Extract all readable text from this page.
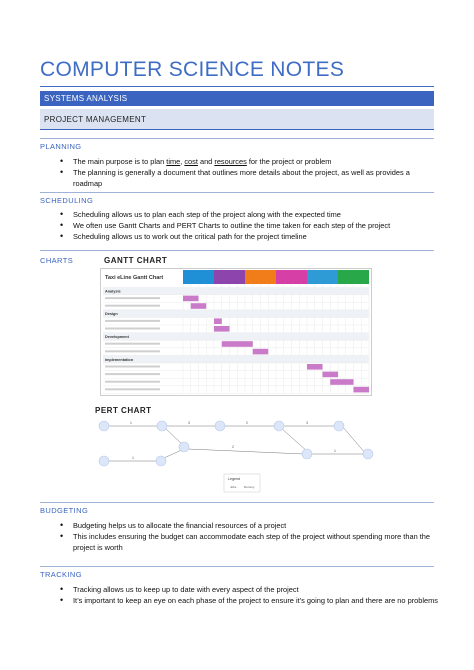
COMPUTER SCIENCE NOTES
SYSTEMS ANALYSIS
PROJECT MANAGEMENT
PLANNING
• The main purpose is to plan time, cost and resources for the project or problem
• The planning is generally a document that outlines more details about the project, as well as provides a roadmap
SCHEDULING
• Scheduling allows us to plan each step of the project along with the expected time
• We often use Gantt Charts and PERT Charts to outline the time taken for each step of the project
• Scheduling allows us to work out the critical path for the project timeline
CHARTS	GANTT CHART
Taxi eLine Gantt Chart
Analysis
Design
Development
Implementation
PERT CHART
1	3	2	3
1
2
1
Legend
Jobs	Dummy
BUDGETING
• Budgeting helps us to allocate the financial resources of a project
• This includes ensuring the budget can accommodate each step of the project without spending more than the project is worth
TRACKING
• Tracking allows us to keep up to date with every aspect of the project
• It’s important to keep an eye on each phase of the project to ensure it’s going to plan and there are no problems
